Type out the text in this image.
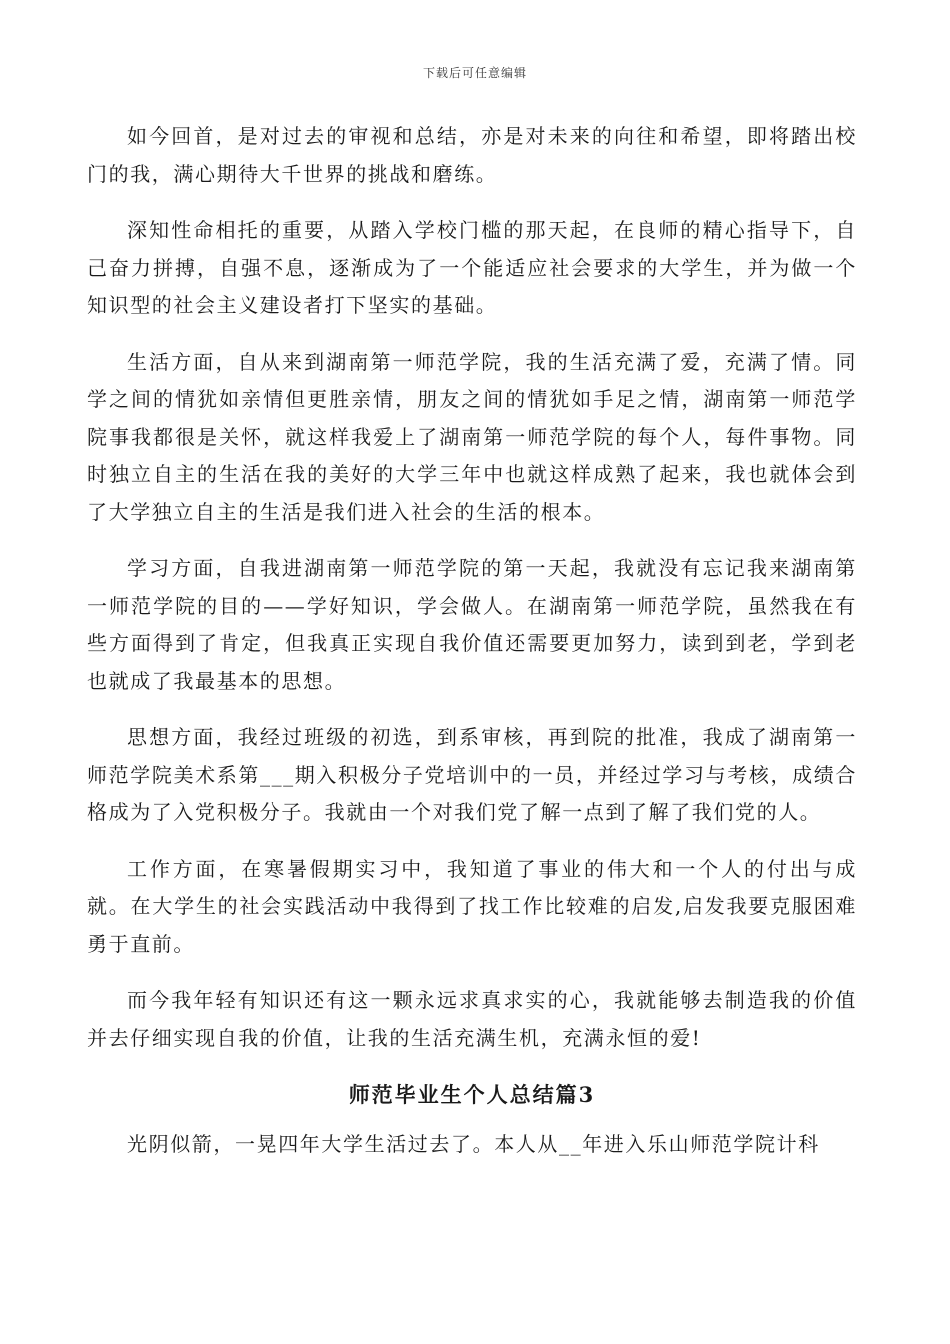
下载后可任意编辑

如今回首，是对过去的审视和总结，亦是对未来的向往和希望，即将踏出校门的我，满心期待大千世界的挑战和磨练。

深知性命相托的重要，从踏入学校门槛的那天起，在良师的精心指导下，自己奋力拼搏，自强不息，逐渐成为了一个能适应社会要求的大学生，并为做一个知识型的社会主义建设者打下坚实的基础。

生活方面，自从来到湖南第一师范学院，我的生活充满了爱，充满了情。同学之间的情犹如亲情但更胜亲情，朋友之间的情犹如手足之情，湖南第一师范学院事我都很是关怀，就这样我爱上了湖南第一师范学院的每个人，每件事物。同时独立自主的生活在我的美好的大学三年中也就这样成熟了起来，我也就体会到了大学独立自主的生活是我们进入社会的生活的根本。

学习方面，自我进湖南第一师范学院的第一天起，我就没有忘记我来湖南第一师范学院的目的——学好知识，学会做人。在湖南第一师范学院，虽然我在有些方面得到了肯定，但我真正实现自我价值还需要更加努力，读到到老，学到老也就成了我最基本的思想。

思想方面，我经过班级的初选，到系审核，再到院的批准，我成了湖南第一师范学院美术系第___期入积极分子党培训中的一员，并经过学习与考核，成绩合格成为了入党积极分子。我就由一个对我们党了解一点到了解了我们党的人。

工作方面，在寒暑假期实习中，我知道了事业的伟大和一个人的付出与成就。在大学生的社会实践活动中我得到了找工作比较难的启发,启发我要克服困难勇于直前。

而今我年轻有知识还有这一颗永远求真求实的心，我就能够去制造我的价值并去仔细实现自我的价值，让我的生活充满生机，充满永恒的爱!

师范毕业生个人总结篇3

光阴似箭，一晃四年大学生活过去了。本人从__年进入乐山师范学院计科
